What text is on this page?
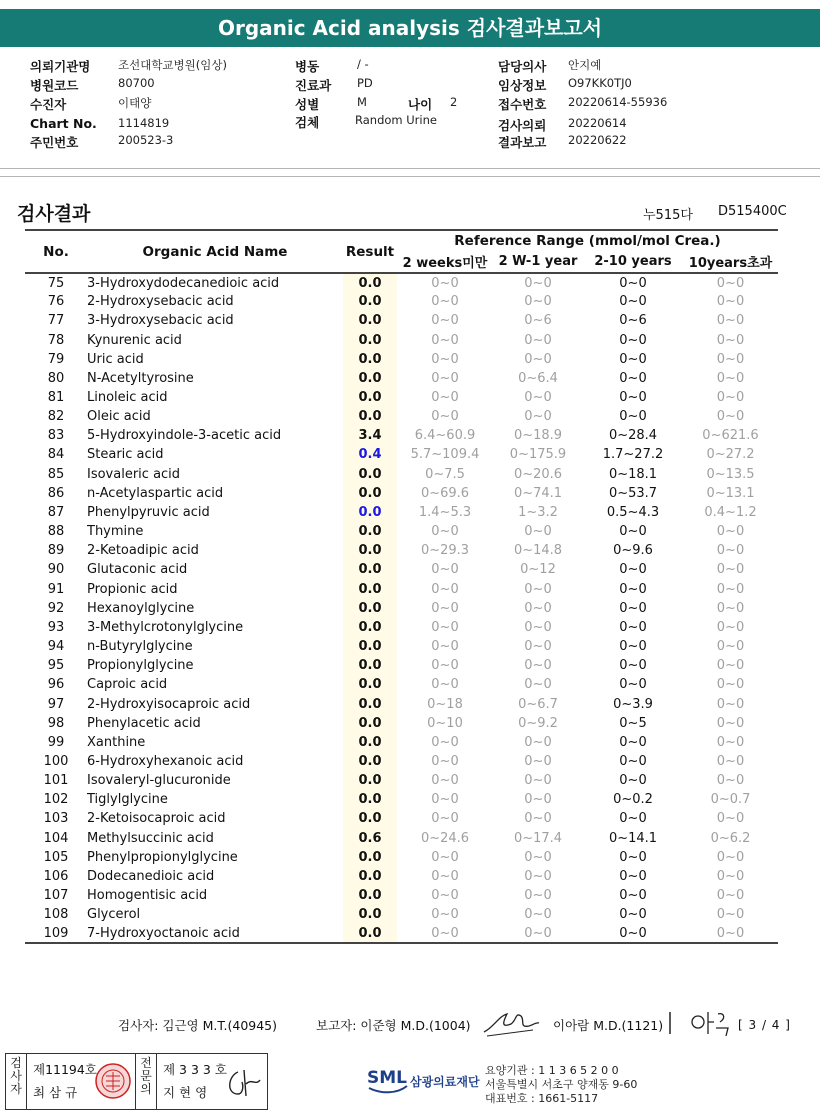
Organic Acid analysis 검사결과보고서
의뢰기관명 조선대학교병원(임상)	병동	/ -	담당의사 안지예
병원코드	80700	진료과 PD	임상정보 O97KK0TJ0
수진자	이태양	성별	M	나이 2	접수번호 20220614-55936
Chart No. 1114819	검체	Random Urine	검사의뢰 20220614
주민번호	200523-3	결과보고 20220622
검사결과	누515다 D515400C
No.	Organic Acid Name	Result	Reference Range (mmol/mol Crea.)			
			2 weeks미만	2 W-1 year	2-10 years	10years초과
75	3-Hydroxydodecanedioic acid	0.0	0~0	0~0	0~0	0~0
76	2-Hydroxysebacic acid	0.0	0~0	0~0	0~0	0~0
77	3-Hydroxysebacic acid	0.0	0~0	0~6	0~6	0~0
78	Kynurenic acid	0.0	0~0	0~0	0~0	0~0
79	Uric acid	0.0	0~0	0~0	0~0	0~0
80	N-Acetyltyrosine	0.0	0~0	0~6.4	0~0	0~0
81	Linoleic acid	0.0	0~0	0~0	0~0	0~0
82	Oleic acid	0.0	0~0	0~0	0~0	0~0
83	5-Hydroxyindole-3-acetic acid	3.4	6.4~60.9	0~18.9	0~28.4	0~621.6
84	Stearic acid	0.4	5.7~109.4	0~175.9	1.7~27.2	0~27.2
85	Isovaleric acid	0.0	0~7.5	0~20.6	0~18.1	0~13.5
86	n-Acetylaspartic acid	0.0	0~69.6	0~74.1	0~53.7	0~13.1
87	Phenylpyruvic acid	0.0	1.4~5.3	1~3.2	0.5~4.3	0.4~1.2
88	Thymine	0.0	0~0	0~0	0~0	0~0
89	2-Ketoadipic acid	0.0	0~29.3	0~14.8	0~9.6	0~0
90	Glutaconic acid	0.0	0~0	0~12	0~0	0~0
91	Propionic acid	0.0	0~0	0~0	0~0	0~0
92	Hexanoylglycine	0.0	0~0	0~0	0~0	0~0
93	3-Methylcrotonylglycine	0.0	0~0	0~0	0~0	0~0
94	n-Butyrylglycine	0.0	0~0	0~0	0~0	0~0
95	Propionylglycine	0.0	0~0	0~0	0~0	0~0
96	Caproic acid	0.0	0~0	0~0	0~0	0~0
97	2-Hydroxyisocaproic acid	0.0	0~18	0~6.7	0~3.9	0~0
98	Phenylacetic acid	0.0	0~10	0~9.2	0~5	0~0
99	Xanthine	0.0	0~0	0~0	0~0	0~0
100	6-Hydroxyhexanoic acid	0.0	0~0	0~0	0~0	0~0
101	Isovaleryl-glucuronide	0.0	0~0	0~0	0~0	0~0
102	Tiglylglycine	0.0	0~0	0~0	0~0.2	0~0.7
103	2-Ketoisocaproic acid	0.0	0~0	0~0	0~0	0~0
104	Methylsuccinic acid	0.6	0~24.6	0~17.4	0~14.1	0~6.2
105	Phenylpropionylglycine	0.0	0~0	0~0	0~0	0~0
106	Dodecanedioic acid	0.0	0~0	0~0	0~0	0~0
107	Homogentisic acid	0.0	0~0	0~0	0~0	0~0
108	Glycerol	0.0	0~0	0~0	0~0	0~0
109	7-Hydroxyoctanoic acid	0.0	0~0	0~0	0~0	0~0
검사자: 김근영 M.T.(40945)	보고자: 이준형 M.D.(1004)	이아람 M.D.(1121)	[ 3 / 4 ]
검사자
제11194호
최 삼 규
전문의
제 3 3 3 호
지 현 영
SML 삼광의료재단
요양기관 : 1 1 3 6 5 2 0 0
서울특별시 서초구 양재동 9-60
대표번호 : 1661-5117
